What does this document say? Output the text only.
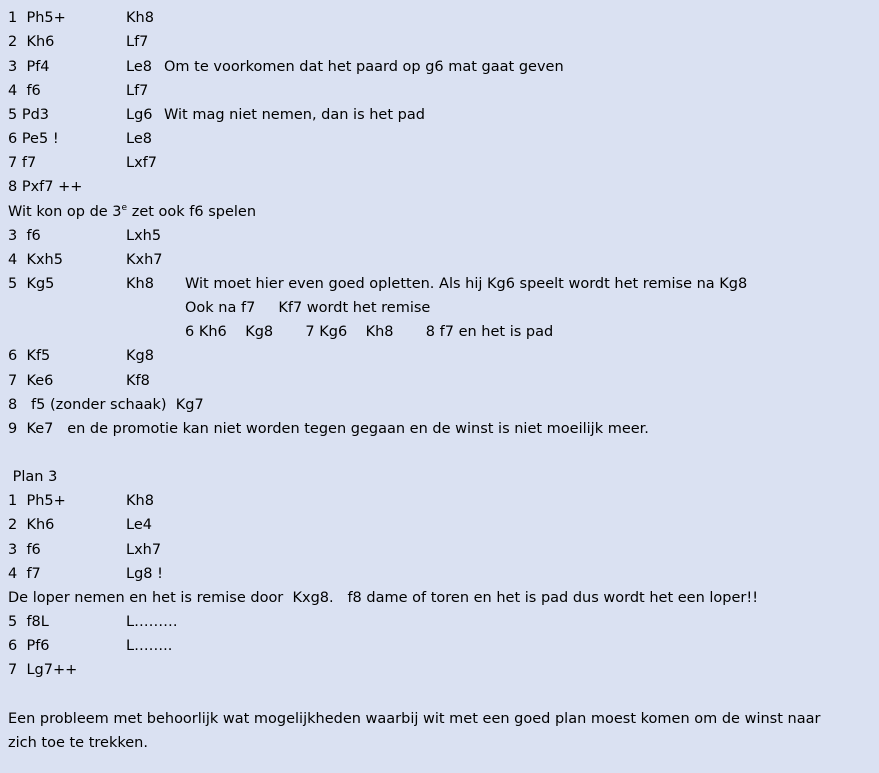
1  Ph5+	Kh8
2  Kh6	Lf7
3  Pf4	Le8 Om te voorkomen dat het paard op g6 mat gaat geven
4  f6	Lf7
5 Pd3	Lg6 Wit mag niet nemen, dan is het pad
6 Pe5 !	Le8
7 f7	Lxf7
8 Pxf7 ++
Wit kon op de 3e zet ook f6 spelen
3  f6	Lxh5
4  Kxh5	Kxh7
5  Kg5	Kh8 Wit moet hier even goed opletten. Als hij Kg6 speelt wordt het remise na Kg8
Ook na f7     Kf7 wordt het remise
6 Kh6    Kg8       7 Kg6    Kh8       8 f7 en het is pad
6  Kf5	Kg8
7  Ke6	Kf8
8   f5 (zonder schaak)  Kg7
9  Ke7   en de promotie kan niet worden tegen gegaan en de winst is niet moeilijk meer.
Plan 3
1  Ph5+	Kh8
2  Kh6	Le4
3  f6	Lxh7
4  f7	Lg8 !
De loper nemen en het is remise door  Kxg8.   f8 dame of toren en het is pad dus wordt het een loper!!
5  f8L	L………
6  Pf6	L……..
7  Lg7++
Een probleem met behoorlijk wat mogelijkheden waarbij wit met een goed plan moest komen om de winst naar
zich toe te trekken.
